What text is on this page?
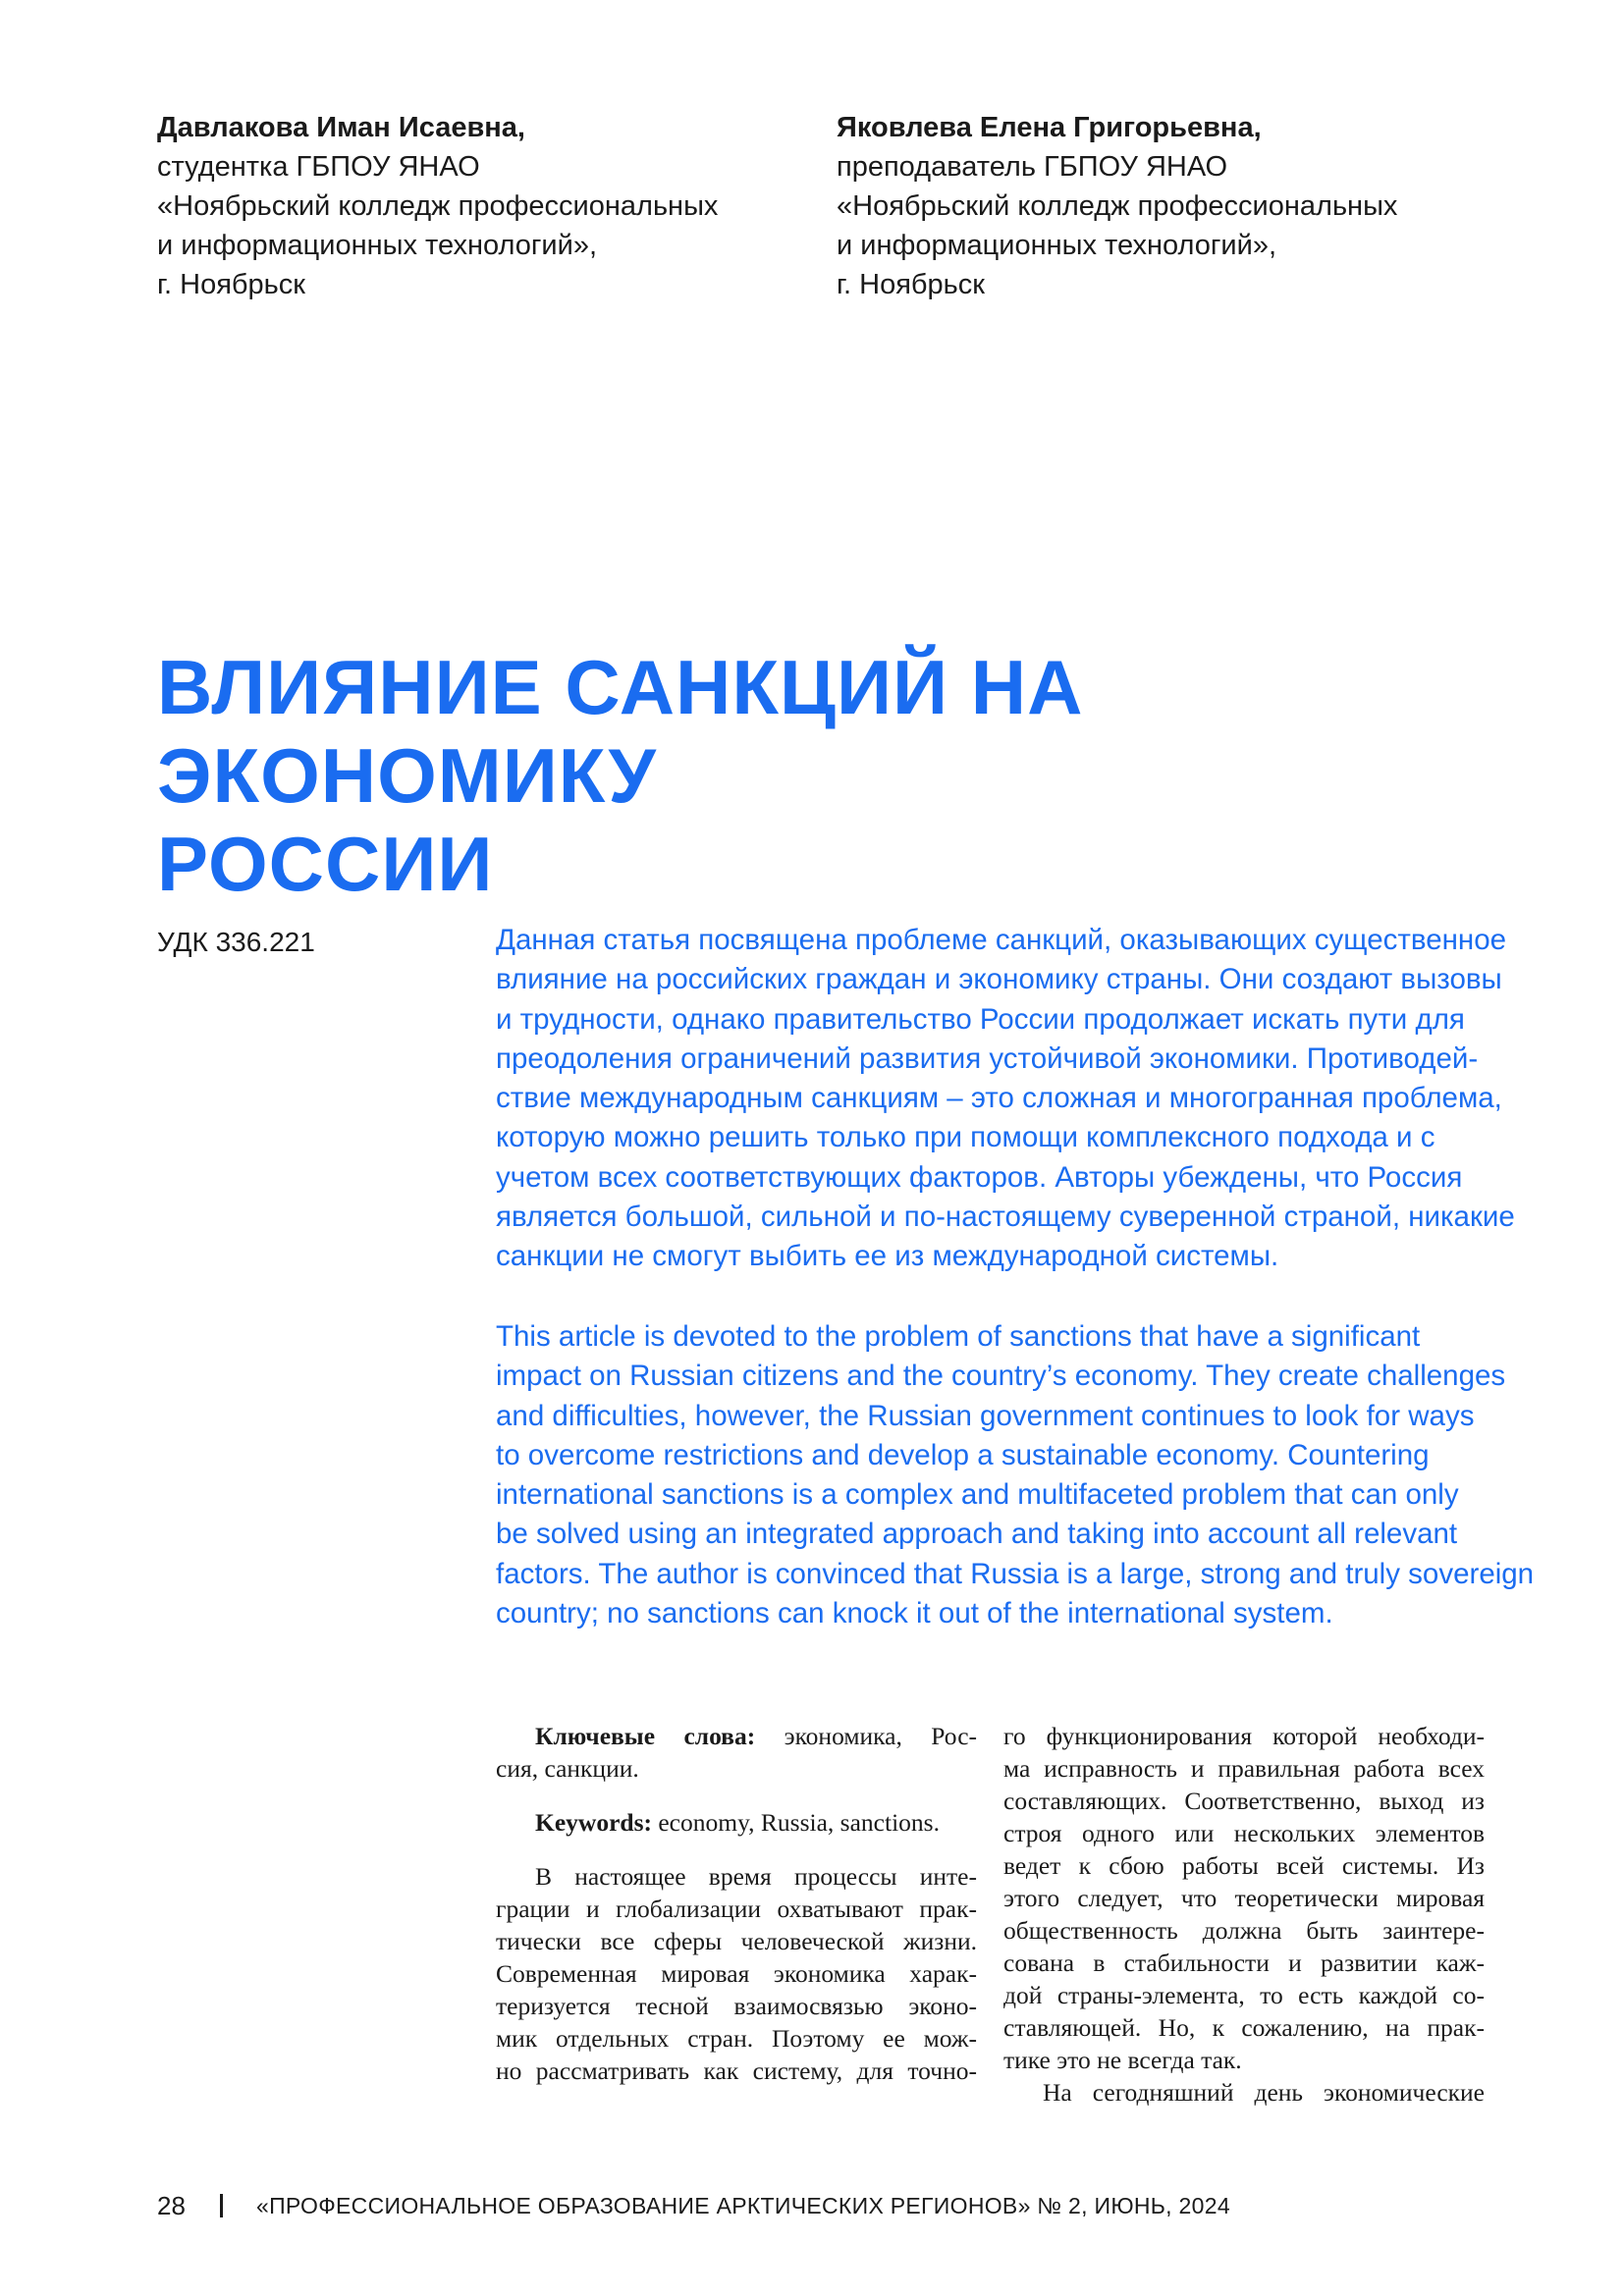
Давлакова Иман Исаевна,
студентка ГБПОУ ЯНАО
«Ноябрьский колледж профессиональных
и информационных технологий»,
г. Ноябрьск
Яковлева Елена Григорьевна,
преподаватель ГБПОУ ЯНАО
«Ноябрьский колледж профессиональных
и информационных технологий»,
г. Ноябрьск
ВЛИЯНИЕ САНКЦИЙ НА ЭКОНОМИКУ
РОССИИ
УДК 336.221	Данная статья посвящена проблеме санкций, оказывающих существенное
влияние на российских граждан и экономику страны. Они создают вызовы
и трудности, однако правительство России продолжает искать пути для
преодоления ограничений развития устойчивой экономики. Противодей-
ствие международным санкциям – это сложная и многогранная проблема,
которую можно решить только при помощи комплексного подхода и с
учетом всех соответствующих факторов. Авторы убеждены, что Россия
является большой, сильной и по-настоящему суверенной страной, никакие
санкции не смогут выбить ее из международной системы.
This article is devoted to the problem of sanctions that have a significant
impact on Russian citizens and the country’s economy. They create challenges
and difficulties, however, the Russian government continues to look for ways
to overcome restrictions and develop a sustainable economy. Countering
international sanctions is a complex and multifaceted problem that can only
be solved using an integrated approach and taking into account all relevant
factors. The author is convinced that Russia is a large, strong and truly sovereign
country; no sanctions can knock it out of the international system.
Ключевые слова: экономика, Рос-
сия, санкции.
Keywords: economy, Russia, sanctions.
В настоящее время процессы инте-
грации и глобализации охватывают прак-
тически все сферы человеческой жизни.
Современная мировая экономика харак-
теризуется тесной взаимосвязью эконо-
мик отдельных стран. Поэтому ее мож-
но рассматривать как систему, для точно-
го функционирования которой необходи-
ма исправность и правильная работа всех
составляющих. Соответственно, выход из
строя одного или нескольких элементов
ведет к сбою работы всей системы. Из
этого следует, что теоретически мировая
общественность должна быть заинтере-
сована в стабильности и развитии каж-
дой страны-элемента, то есть каждой со-
ставляющей. Но, к сожалению, на прак-
тике это не всегда так.
На сегодняшний день экономические
28	«ПРОФЕССИОНАЛЬНОЕ ОБРАЗОВАНИЕ АРКТИЧЕСКИХ РЕГИОНОВ» № 2, ИЮНЬ, 2024
